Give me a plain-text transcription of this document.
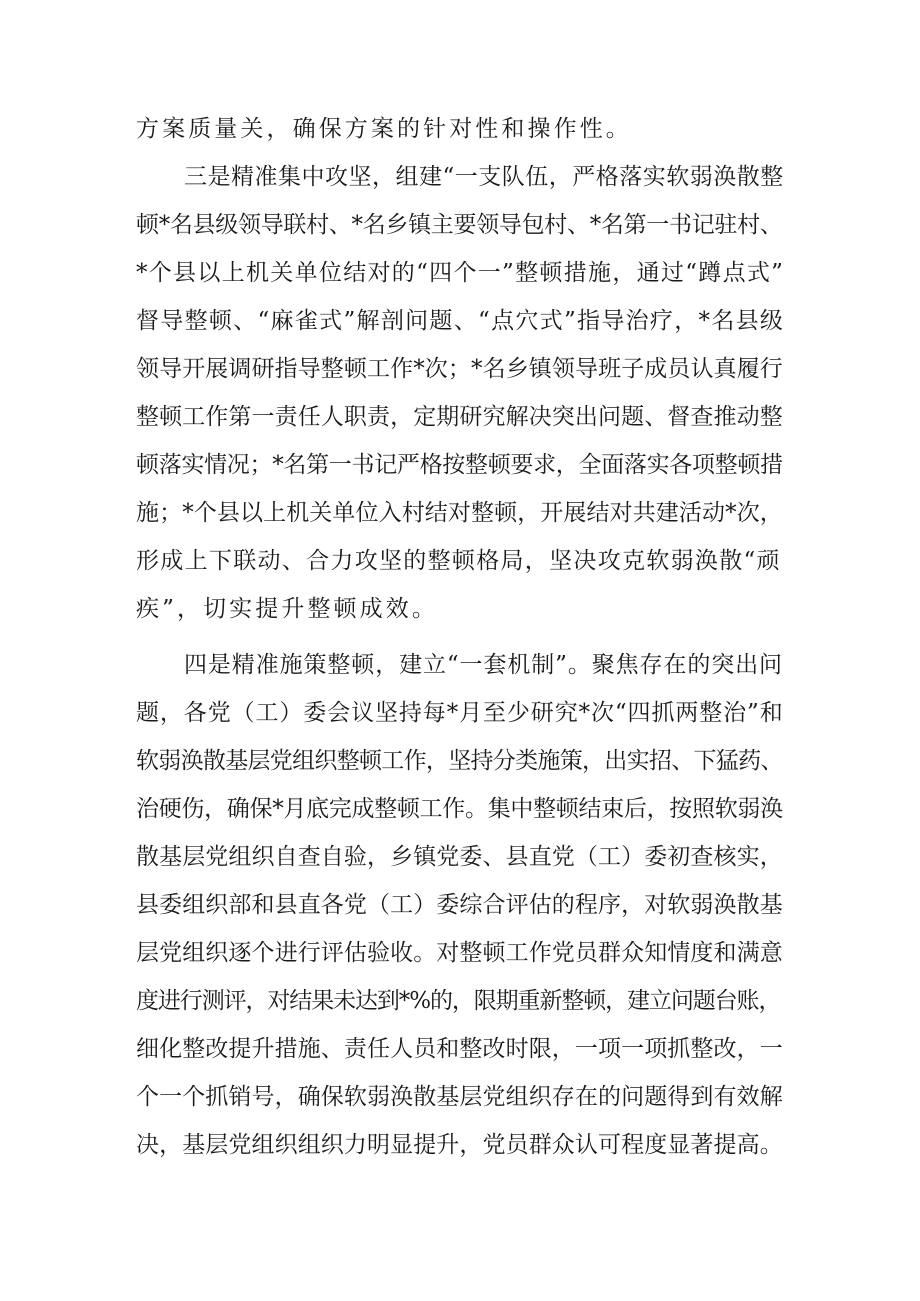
方案质量关，确保方案的针对性和操作性。
三是精准集中攻坚，组建“一支队伍，严格落实软弱涣散整
顿*名县级领导联村、*名乡镇主要领导包村、*名第一书记驻村、
*个县以上机关单位结对的“四个一”整顿措施，通过“蹲点式”
督导整顿、“麻雀式”解剖问题、“点穴式”指导治疗，*名县级
领导开展调研指导整顿工作*次；*名乡镇领导班子成员认真履行
整顿工作第一责任人职责，定期研究解决突出问题、督查推动整
顿落实情况；*名第一书记严格按整顿要求，全面落实各项整顿措
施；*个县以上机关单位入村结对整顿，开展结对共建活动*次，
形成上下联动、合力攻坚的整顿格局，坚决攻克软弱涣散“顽
疾”，切实提升整顿成效。
四是精准施策整顿，建立“一套机制”。聚焦存在的突出问
题，各党（工）委会议坚持每*月至少研究*次“四抓两整治”和
软弱涣散基层党组织整顿工作，坚持分类施策，出实招、下猛药、
治硬伤，确保*月底完成整顿工作。集中整顿结束后，按照软弱涣
散基层党组织自查自验，乡镇党委、县直党（工）委初查核实，
县委组织部和县直各党（工）委综合评估的程序，对软弱涣散基
层党组织逐个进行评估验收。对整顿工作党员群众知情度和满意
度进行测评，对结果未达到*%的，限期重新整顿，建立问题台账，
细化整改提升措施、责任人员和整改时限，一项一项抓整改，一
个一个抓销号，确保软弱涣散基层党组织存在的问题得到有效解
决，基层党组织组织力明显提升，党员群众认可程度显著提高。
